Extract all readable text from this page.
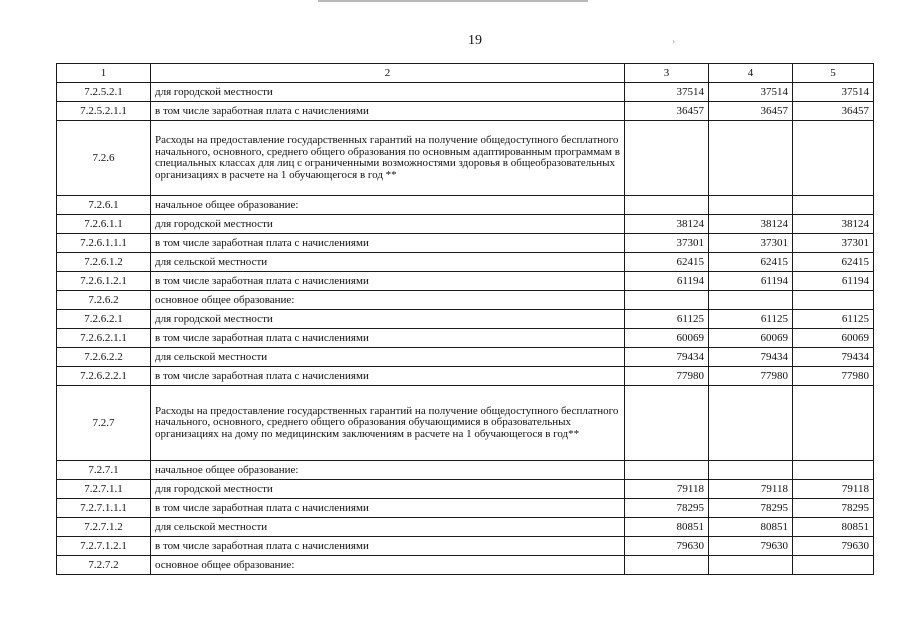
19	›
1	2	3	4	5
7.2.5.2.1	для городской местности	37514	37514	37514
7.2.5.2.1.1	в том числе заработная плата с начислениями	36457	36457	36457
7.2.6	Расходы на предоставление государственных гарантий на получение общедоступного бесплатного начального, основного, среднего общего образования по основным адаптированным программам в специальных классах для лиц с ограниченными возможностями здоровья в общеобразовательных организациях в расчете на 1 обучающегося в год **			
7.2.6.1	начальное общее образование:			
7.2.6.1.1	для городской местности	38124	38124	38124
7.2.6.1.1.1	в том числе заработная плата с начислениями	37301	37301	37301
7.2.6.1.2	для сельской местности	62415	62415	62415
7.2.6.1.2.1	в том числе заработная плата с начислениями	61194	61194	61194
7.2.6.2	основное общее образование:			
7.2.6.2.1	для городской местности	61125	61125	61125
7.2.6.2.1.1	в том числе заработная плата с начислениями	60069	60069	60069
7.2.6.2.2	для сельской местности	79434	79434	79434
7.2.6.2.2.1	в том числе заработная плата с начислениями	77980	77980	77980
7.2.7	Расходы на предоставление государственных гарантий на получение общедоступного бесплатного начального, основного, среднего общего образования обучающимися в образовательных организациях на дому по медицинским заключениям в расчете на 1 обучающегося в год**			
7.2.7.1	начальное общее образование:			
7.2.7.1.1	для городской местности	79118	79118	79118
7.2.7.1.1.1	в том числе заработная плата с начислениями	78295	78295	78295
7.2.7.1.2	для сельской местности	80851	80851	80851
7.2.7.1.2.1	в том числе заработная плата с начислениями	79630	79630	79630
7.2.7.2	основное общее образование:			
